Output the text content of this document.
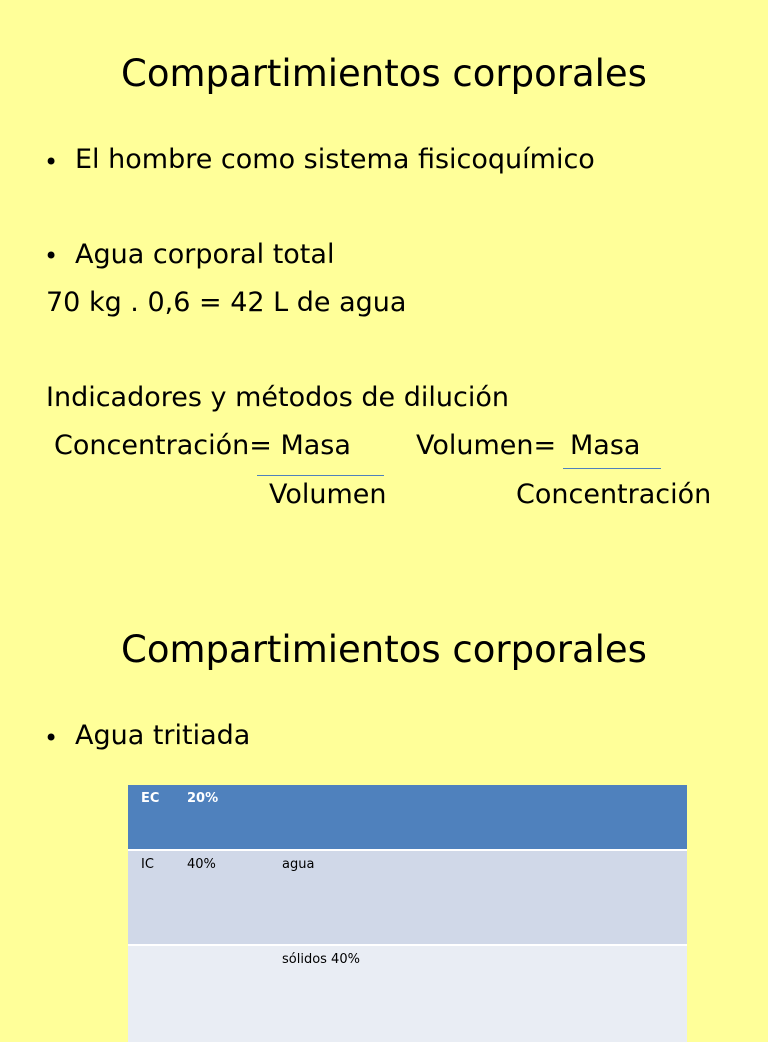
Compartimientos corporales
• El hombre como sistema fisicoquímico
• Agua corporal total
70 kg . 0,6 = 42 L de agua
Indicadores y métodos de dilución
Concentración= Masa
Volumen
Volumen= Masa
Concentración
Compartimientos corporales
• Agua tritiada
EC	20%	
IC	40%	agua
		sólidos 40%
